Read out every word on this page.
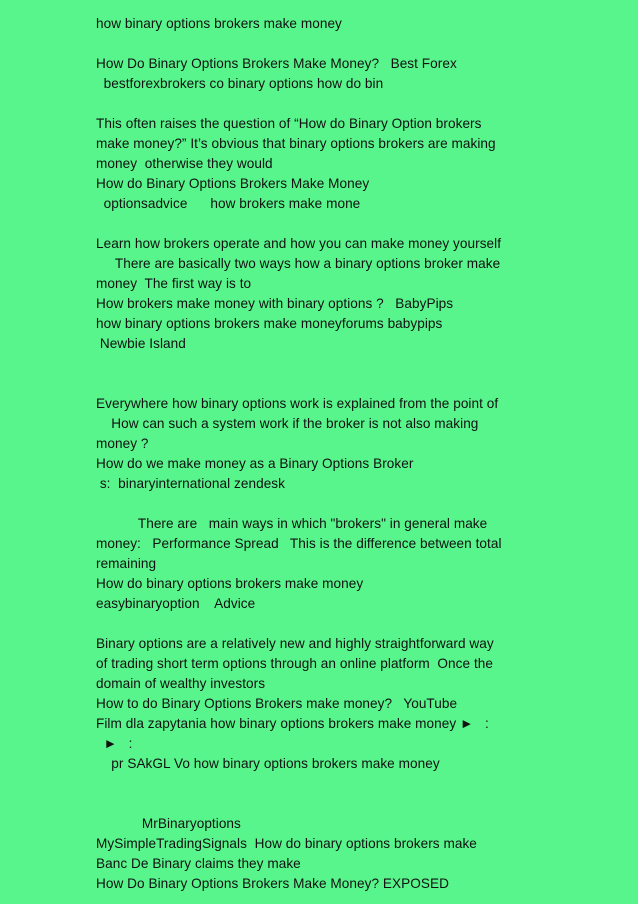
how binary options brokers make money
How Do Binary Options Brokers Make Money?   Best Forex
bestforexbrokers co binary options how do bin
This often raises the question of “How do Binary Option brokers
make money?” It’s obvious that binary options brokers are making
money  otherwise they would
How do Binary Options Brokers Make Money
optionsadvice      how brokers make mone
Learn how brokers operate and how you can make money yourself
There are basically two ways how a binary options broker make
money  The first way is to
How brokers make money with binary options ?   BabyPips
how binary options brokers make moneyforums babypips
Newbie Island
Everywhere how binary options work is explained from the point of
How can such a system work if the broker is not also making
money ?
How do we make money as a Binary Options Broker
s:  binaryinternational zendesk
There are   main ways in which "brokers" in general make
money:   Performance Spread   This is the difference between total
remaining
How do binary options brokers make money
easybinaryoption    Advice
Binary options are a relatively new and highly straightforward way
of trading short term options through an online platform  Once the
domain of wealthy investors
How to do Binary Options Brokers make money?   YouTube
Film dla zapytania how binary options brokers make money ►   :
►   :
pr SAkGL Vo how binary options brokers make money
MrBinaryoptions
MySimpleTradingSignals  How do binary options brokers make
Banc De Binary claims they make
How Do Binary Options Brokers Make Money? EXPOSED
